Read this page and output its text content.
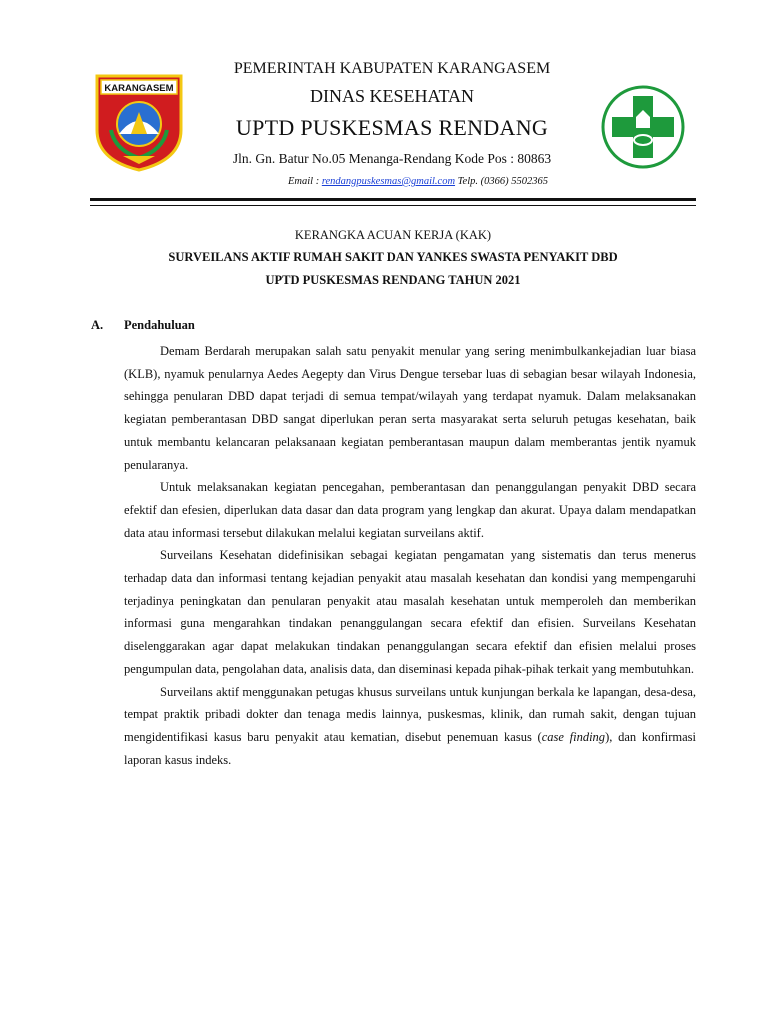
KARANGASEM
PEMERINTAH KABUPATEN KARANGASEM
DINAS KESEHATAN
UPTD PUSKESMAS RENDANG
Jln. Gn. Batur No.05 Menanga-Rendang Kode Pos : 80863
Email : rendangpuskesmas@gmail.com Telp. (0366) 5502365
KERANGKA ACUAN KERJA (KAK)
SURVEILANS AKTIF RUMAH SAKIT DAN YANKES SWASTA PENYAKIT DBD
UPTD PUSKESMAS RENDANG TAHUN 2021
A. Pendahuluan

Demam Berdarah merupakan salah satu penyakit menular yang sering menimbulkankejadian luar biasa (KLB), nyamuk penularnya Aedes Aegepty dan Virus Dengue tersebar luas di sebagian besar wilayah Indonesia, sehingga penularan DBD dapat terjadi di semua tempat/wilayah yang terdapat nyamuk. Dalam melaksanakan kegiatan pemberantasan DBD sangat diperlukan peran serta masyarakat serta seluruh petugas kesehatan, baik untuk membantu kelancaran pelaksanaan kegiatan pemberantasan maupun dalam memberantas jentik nyamuk penularanya.

Untuk melaksanakan kegiatan pencegahan, pemberantasan dan penanggulangan penyakit DBD secara efektif dan efesien, diperlukan data dasar dan data program yang lengkap dan akurat. Upaya dalam mendapatkan data atau informasi tersebut dilakukan melalui kegiatan surveilans aktif.

Surveilans Kesehatan didefinisikan sebagai kegiatan pengamatan yang sistematis dan terus menerus terhadap data dan informasi tentang kejadian penyakit atau masalah kesehatan dan kondisi yang mempengaruhi terjadinya peningkatan dan penularan penyakit atau masalah kesehatan untuk memperoleh dan memberikan informasi guna mengarahkan tindakan penanggulangan secara efektif dan efisien. Surveilans Kesehatan diselenggarakan agar dapat melakukan tindakan penanggulangan secara efektif dan efisien melalui proses pengumpulan data, pengolahan data, analisis data, dan diseminasi kepada pihak-pihak terkait yang membutuhkan.

Surveilans aktif menggunakan petugas khusus surveilans untuk kunjungan berkala ke lapangan, desa-desa, tempat praktik pribadi dokter dan tenaga medis lainnya, puskesmas, klinik, dan rumah sakit, dengan tujuan mengidentifikasi kasus baru penyakit atau kematian, disebut penemuan kasus (case finding), dan konfirmasi laporan kasus indeks.
